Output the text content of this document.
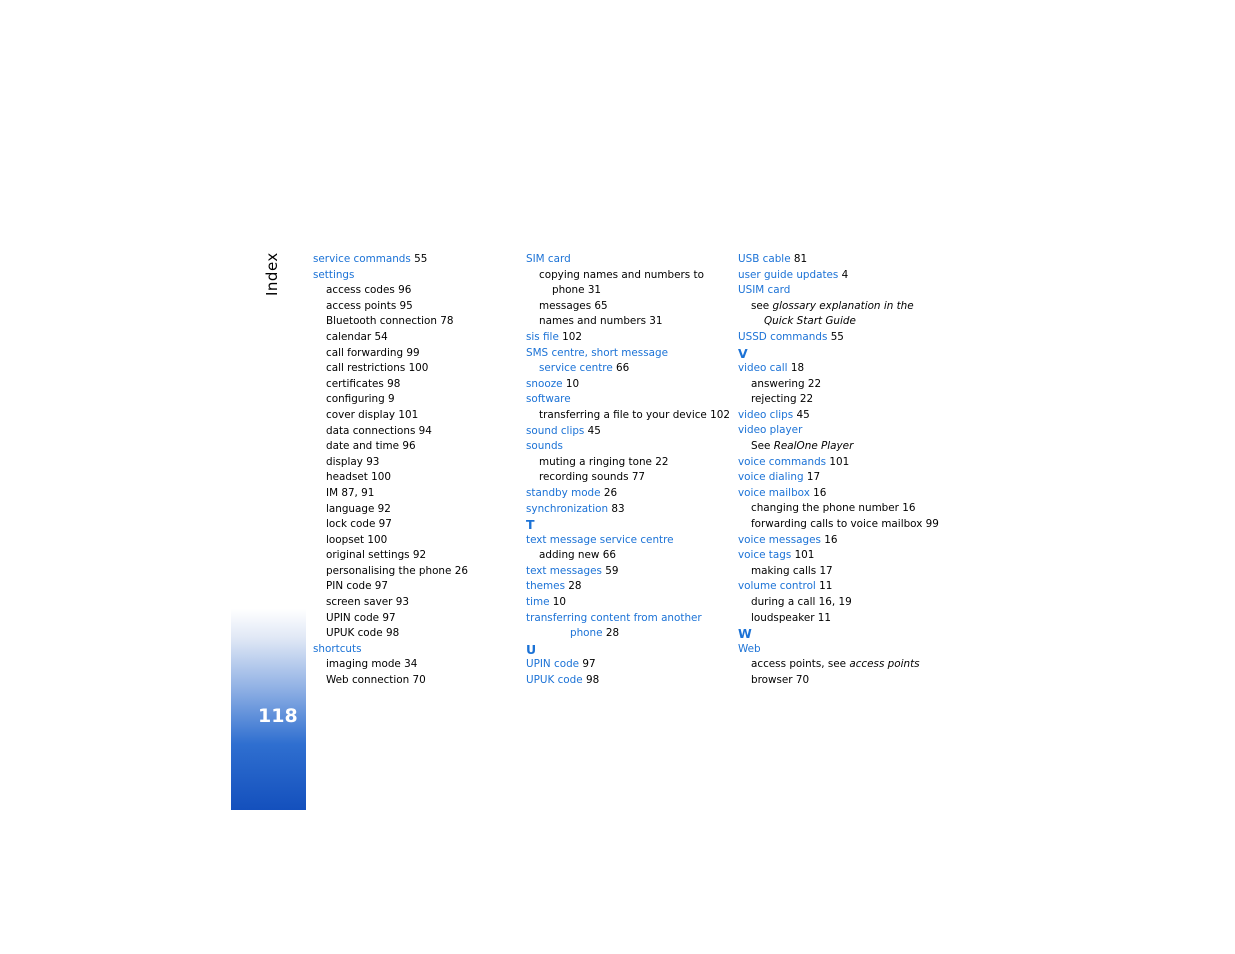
Index
118
service commands 55
settings
access codes 96
access points 95
Bluetooth connection 78
calendar 54
call forwarding 99
call restrictions 100
certificates 98
configuring 9
cover display 101
data connections 94
date and time 96
display 93
headset 100
IM 87, 91
language 92
lock code 97
loopset 100
original settings 92
personalising the phone 26
PIN code 97
screen saver 93
UPIN code 97
UPUK code 98
shortcuts
imaging mode 34
Web connection 70
SIM card
copying names and numbers to
phone 31
messages 65
names and numbers 31
sis file 102
SMS centre, short message
service centre 66
snooze 10
software
transferring a file to your device 102
sound clips 45
sounds
muting a ringing tone 22
recording sounds 77
standby mode 26
synchronization 83
T
text message service centre
adding new 66
text messages 59
themes 28
time 10
transferring content from another
phone 28
U
UPIN code 97
UPUK code 98
USB cable 81
user guide updates 4
USIM card
see glossary explanation in the
Quick Start Guide
USSD commands 55
V
video call 18
answering 22
rejecting 22
video clips 45
video player
See RealOne Player
voice commands 101
voice dialing 17
voice mailbox 16
changing the phone number 16
forwarding calls to voice mailbox 99
voice messages 16
voice tags 101
making calls 17
volume control 11
during a call 16, 19
loudspeaker 11
W
Web
access points, see access points
browser 70
